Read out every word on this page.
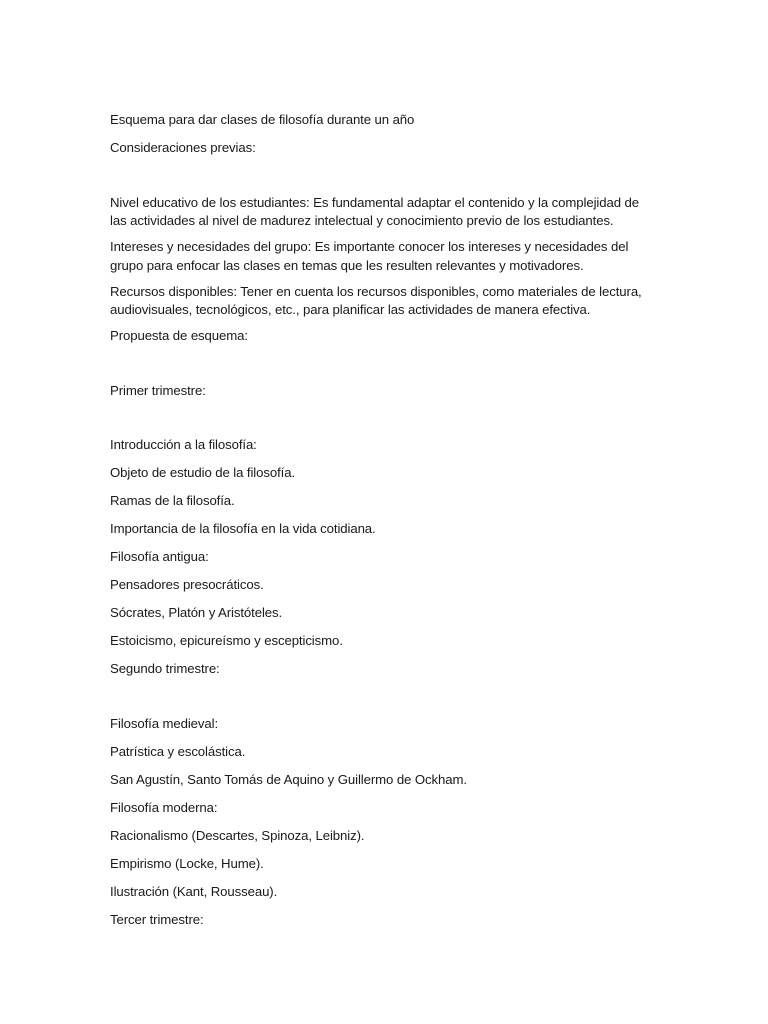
Esquema para dar clases de filosofía durante un año

Consideraciones previas:

Nivel educativo de los estudiantes: Es fundamental adaptar el contenido y la complejidad de las actividades al nivel de madurez intelectual y conocimiento previo de los estudiantes.

Intereses y necesidades del grupo: Es importante conocer los intereses y necesidades del grupo para enfocar las clases en temas que les resulten relevantes y motivadores.

Recursos disponibles: Tener en cuenta los recursos disponibles, como materiales de lectura, audiovisuales, tecnológicos, etc., para planificar las actividades de manera efectiva.

Propuesta de esquema:

Primer trimestre:

Introducción a la filosofía:

Objeto de estudio de la filosofía.

Ramas de la filosofía.

Importancia de la filosofía en la vida cotidiana.

Filosofía antigua:

Pensadores presocráticos.

Sócrates, Platón y Aristóteles.

Estoicismo, epicureísmo y escepticismo.

Segundo trimestre:

Filosofía medieval:

Patrística y escolástica.

San Agustín, Santo Tomás de Aquino y Guillermo de Ockham.

Filosofía moderna:

Racionalismo (Descartes, Spinoza, Leibniz).

Empirismo (Locke, Hume).

Ilustración (Kant, Rousseau).

Tercer trimestre:
